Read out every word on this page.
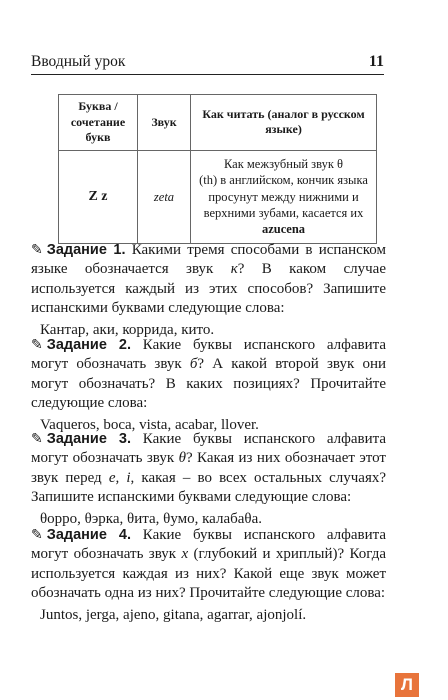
Вводный урок	11
Буква / сочетание букв	Звук	Как читать (аналог в русском языке)
Z z	zeta	Как межзубный звук θ
(th) в английском, кончик языка просунут между нижними и верхними зубами, касается их azucena

✎ Задание 1. Какими тремя способами в испанском языке обозначается звук к? В каком случае используется каждый из этих способов? Запишите испанскими буквами следующие слова:

Кантар, аки, коррида, кито.

✎ Задание 2. Какие буквы испанского алфавита могут обозначать звук б? А какой второй звук они могут обозначать? В каких позициях? Прочитайте следующие слова:

Vaqueros, boca, vista, acabar, llover.

✎ Задание 3. Какие буквы испанского алфавита могут обозначать звук θ? Какая из них обозначает этот звук перед e, i, какая – во всех остальных случаях? Запишите испанскими буквами следующие слова:

θорро, θэрка, θита, θумо, калабаθа.

✎ Задание 4. Какие буквы испанского алфавита могут обозначать звук х (глубокий и хриплый)? Когда используется каждая из них? Какой еще звук может обозначать одна из них? Прочитайте следующие слова:

Juntos, jerga, ajeno, gitana, agarrar, ajonjolí.
Л
